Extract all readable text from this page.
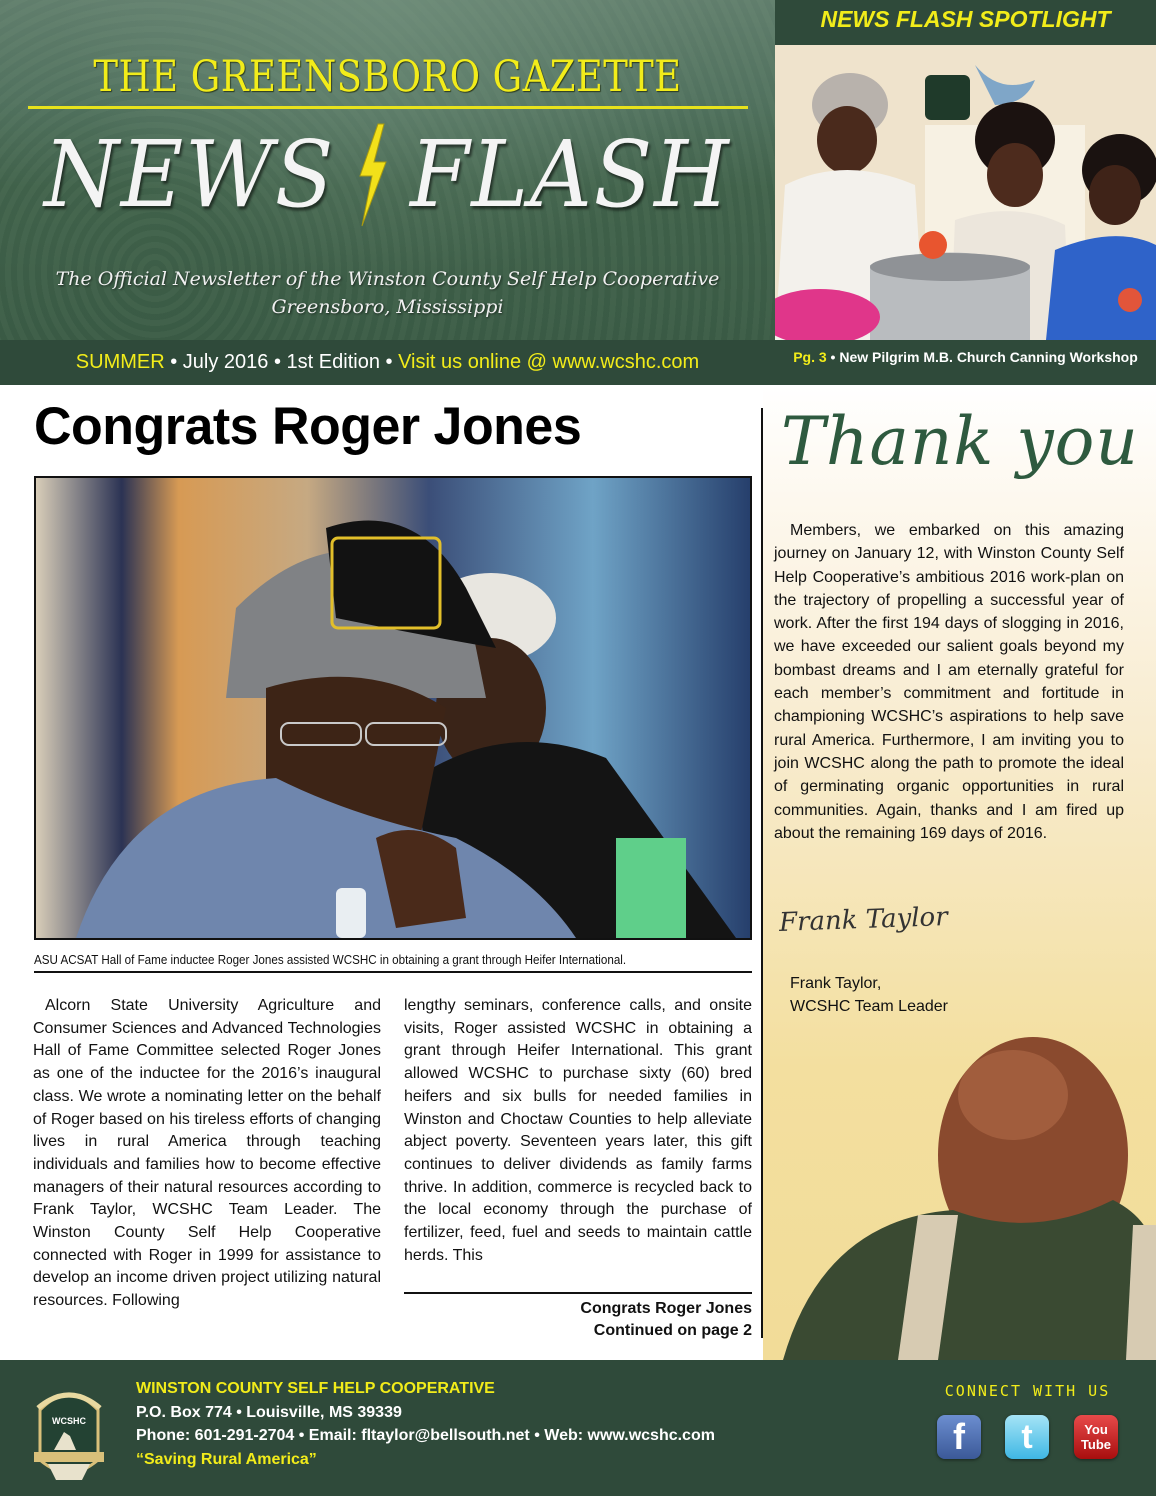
THE GREENSBORO GAZETTE
NEWS FLASH
The Official Newsletter of the Winston County Self Help Cooperative
Greensboro, Mississippi
SUMMER • July 2016 • 1st Edition • Visit us online @ www.wcshc.com
NEWS FLASH SPOTLIGHT
Pg. 3 • New Pilgrim M.B. Church Canning Workshop
Congrats Roger Jones
ASU ACSAT Hall of Fame inductee Roger Jones assisted WCSHC in obtaining a grant through Heifer International.

Alcorn State University Agriculture and Consumer Sciences and Advanced Technologies Hall of Fame Committee selected Roger Jones as one of the inductee for the 2016’s inaugural class. We wrote a nominating letter on the behalf of Roger based on his tireless efforts of changing lives in rural America through teaching individuals and families how to become effective managers of their natural resources according to Frank Taylor, WCSHC Team Leader. The Winston County Self Help Cooperative connected with Roger in 1999 for assistance to develop an income driven project utilizing natural resources. Following

lengthy seminars, conference calls, and onsite visits, Roger assisted WCSHC in obtaining a grant through Heifer International. This grant allowed WCSHC to purchase sixty (60) bred heifers and six bulls for needed families in Winston and Choctaw Counties to help alleviate abject poverty. Seventeen years later, this gift continues to deliver dividends as family farms thrive. In addition, commerce is recycled back to the local economy through the purchase of fertilizer, feed, fuel and seeds to maintain cattle herds. This

Congrats Roger Jones
Continued on page 2
Thank you

Members, we embarked on this amazing journey on January 12, with Winston County Self Help Cooperative’s ambitious 2016 work-plan on the trajectory of propelling a successful year of work. After the first 194 days of slogging in 2016, we have exceeded our salient goals beyond my bombast dreams and I am eternally grateful for each member’s commitment and fortitude in championing WCSHC’s aspirations to help save rural America. Furthermore, I am inviting you to join WCSHC along the path to promote the ideal of germinating organic opportunities in rural communities. Again, thanks and I am fired up about the remaining 169 days of 2016.

Frank Taylor
Frank Taylor,
WCSHC Team Leader
WCSHC
WINSTON COUNTY SELF HELP COOPERATIVE
P.O. Box 774 • Louisville, MS 39339
Phone: 601-291-2704 • Email: fltaylor@bellsouth.net • Web: www.wcshc.com
“Saving Rural America”
CONNECT WITH US
f t	You
Tube
